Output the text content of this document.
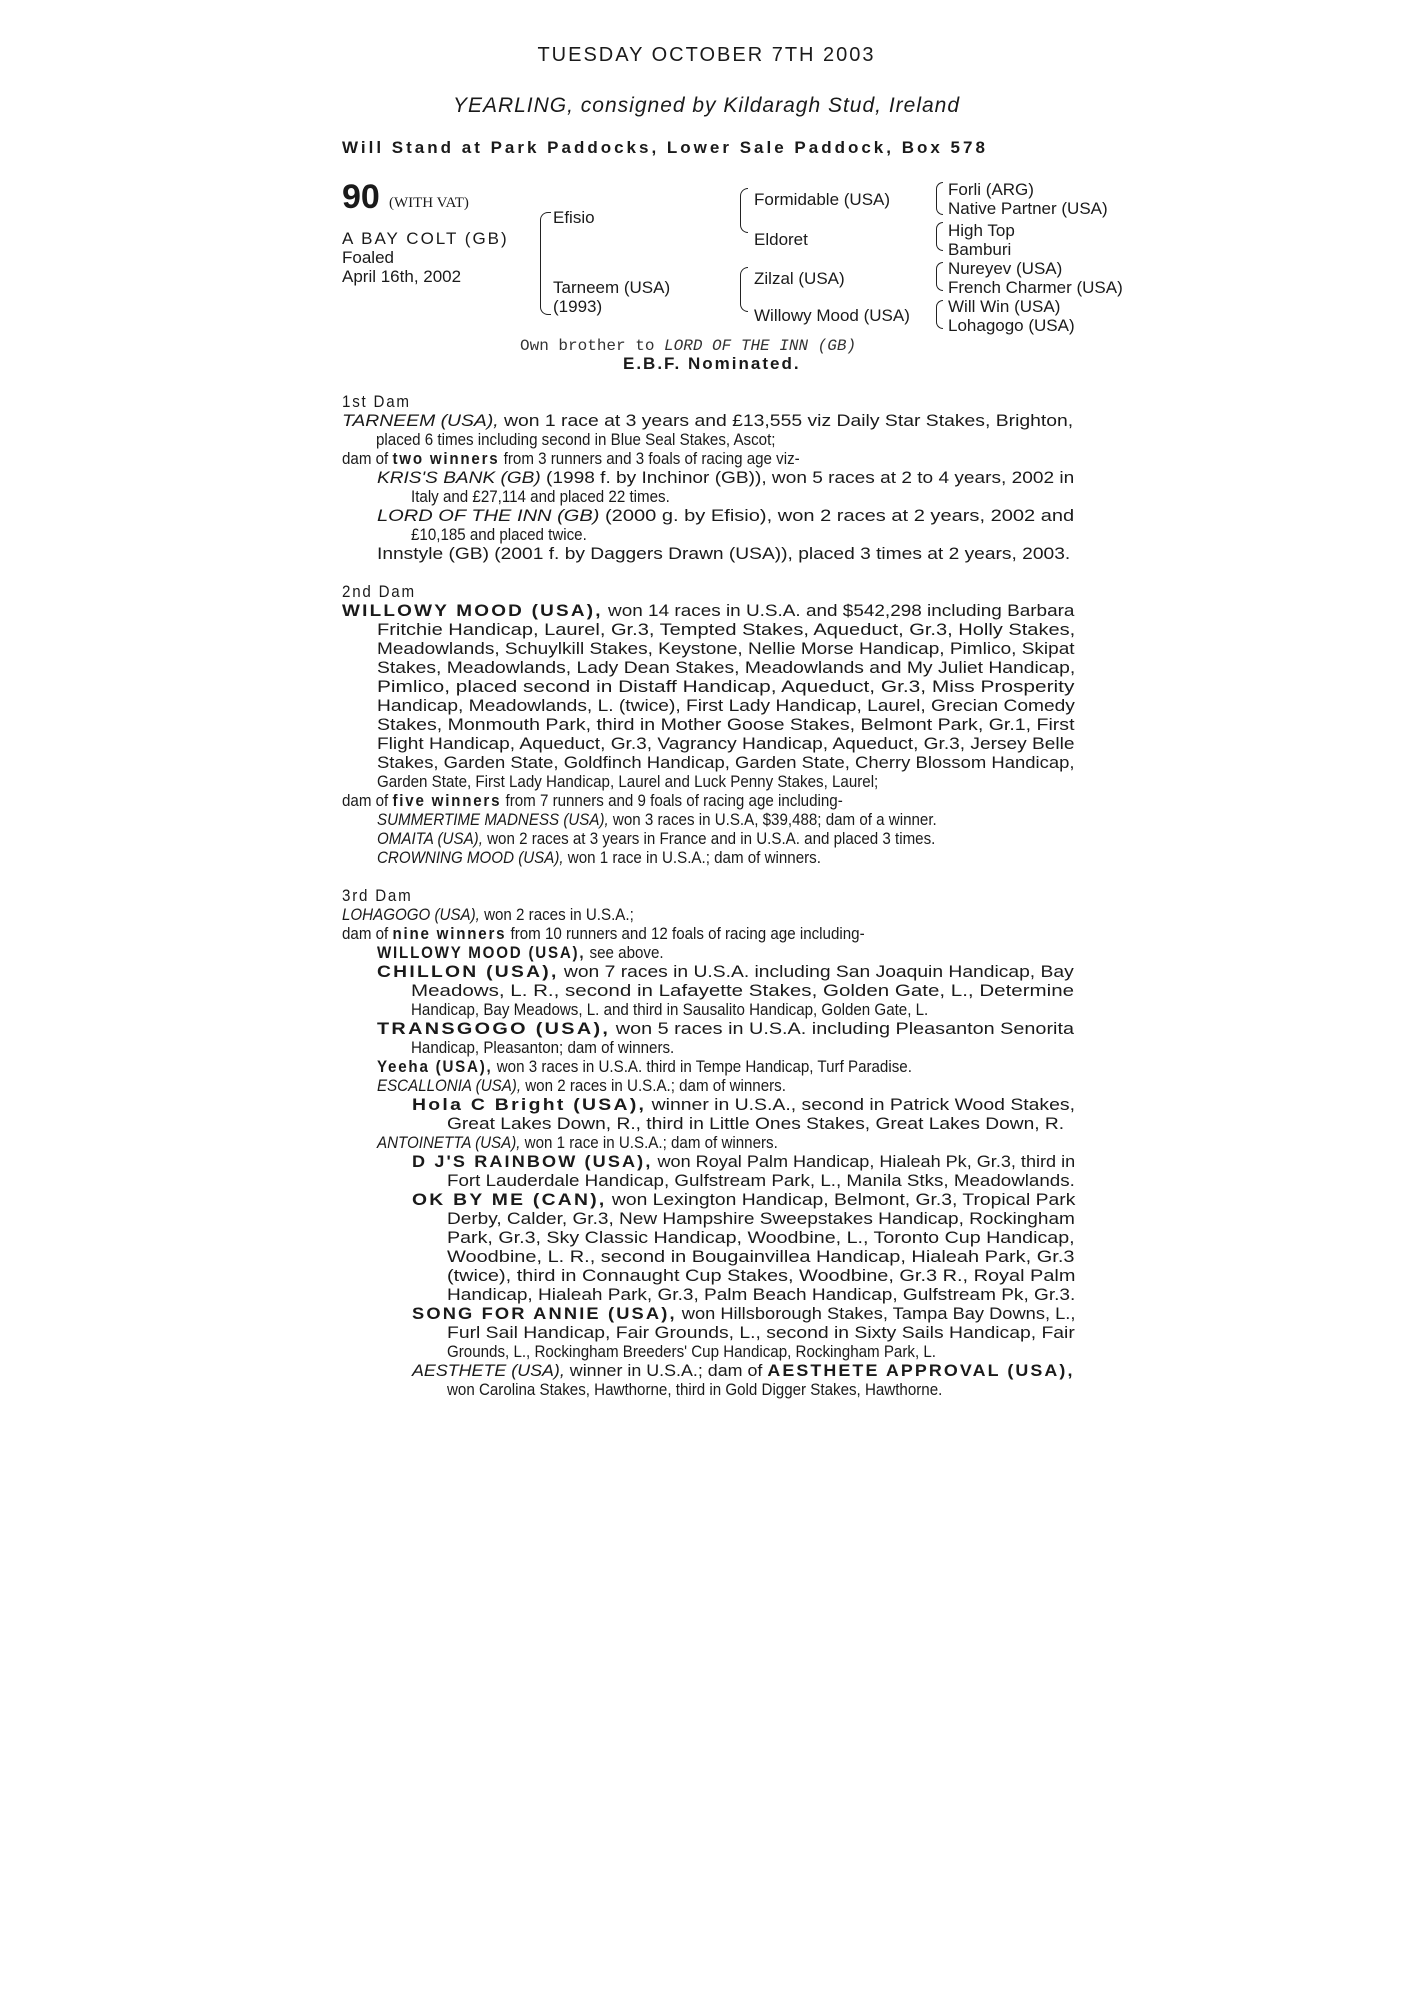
TUESDAY OCTOBER 7TH 2003
YEARLING, consigned by Kildaragh Stud, Ireland
Will Stand at Park Paddocks, Lower Sale Paddock, Box 578
90 (WITH VAT)
A BAY COLT (GB)
Foaled
April 16th, 2002
Efisio
Tarneem (USA)
(1993)
Formidable (USA)
Eldoret
Zilzal (USA)
Willowy Mood (USA)
Forli (ARG)
Native Partner (USA)
High Top
Bamburi
Nureyev (USA)
French Charmer (USA)
Will Win (USA)
Lohagogo (USA)
Own brother to LORD OF THE INN (GB)
E.B.F. Nominated.
1st Dam
TARNEEM (USA), won 1 race at 3 years and £13,555 viz Daily Star Stakes, Brighton,
placed 6 times including second in Blue Seal Stakes, Ascot;
dam of two winners from 3 runners and 3 foals of racing age viz-
KRIS'S BANK (GB) (1998 f. by Inchinor (GB)), won 5 races at 2 to 4 years, 2002 in
Italy and £27,114 and placed 22 times.
LORD OF THE INN (GB) (2000 g. by Efisio), won 2 races at 2 years, 2002 and
£10,185 and placed twice.
Innstyle (GB) (2001 f. by Daggers Drawn (USA)), placed 3 times at 2 years, 2003.
2nd Dam
WILLOWY MOOD (USA), won 14 races in U.S.A. and $542,298 including Barbara
Fritchie Handicap, Laurel, Gr.3, Tempted Stakes, Aqueduct, Gr.3, Holly Stakes,
Meadowlands, Schuylkill Stakes, Keystone, Nellie Morse Handicap, Pimlico, Skipat
Stakes, Meadowlands, Lady Dean Stakes, Meadowlands and My Juliet Handicap,
Pimlico, placed second in Distaff Handicap, Aqueduct, Gr.3, Miss Prosperity
Handicap, Meadowlands, L. (twice), First Lady Handicap, Laurel, Grecian Comedy
Stakes, Monmouth Park, third in Mother Goose Stakes, Belmont Park, Gr.1, First
Flight Handicap, Aqueduct, Gr.3, Vagrancy Handicap, Aqueduct, Gr.3, Jersey Belle
Stakes, Garden State, Goldfinch Handicap, Garden State, Cherry Blossom Handicap,
Garden State, First Lady Handicap, Laurel and Luck Penny Stakes, Laurel;
dam of five winners from 7 runners and 9 foals of racing age including-
SUMMERTIME MADNESS (USA), won 3 races in U.S.A, $39,488; dam of a winner.
OMAITA (USA), won 2 races at 3 years in France and in U.S.A. and placed 3 times.
CROWNING MOOD (USA), won 1 race in U.S.A.; dam of winners.
3rd Dam
LOHAGOGO (USA), won 2 races in U.S.A.;
dam of nine winners from 10 runners and 12 foals of racing age including-
WILLOWY MOOD (USA), see above.
CHILLON (USA), won 7 races in U.S.A. including San Joaquin Handicap, Bay
Meadows, L. R., second in Lafayette Stakes, Golden Gate, L., Determine
Handicap, Bay Meadows, L. and third in Sausalito Handicap, Golden Gate, L.
TRANSGOGO (USA), won 5 races in U.S.A. including Pleasanton Senorita
Handicap, Pleasanton; dam of winners.
Yeeha (USA), won 3 races in U.S.A. third in Tempe Handicap, Turf Paradise.
ESCALLONIA (USA), won 2 races in U.S.A.; dam of winners.
Hola C Bright (USA), winner in U.S.A., second in Patrick Wood Stakes,
Great Lakes Down, R., third in Little Ones Stakes, Great Lakes Down, R.
ANTOINETTA (USA), won 1 race in U.S.A.; dam of winners.
D J'S RAINBOW (USA), won Royal Palm Handicap, Hialeah Pk, Gr.3, third in
Fort Lauderdale Handicap, Gulfstream Park, L., Manila Stks, Meadowlands.
OK BY ME (CAN), won Lexington Handicap, Belmont, Gr.3, Tropical Park
Derby, Calder, Gr.3, New Hampshire Sweepstakes Handicap, Rockingham
Park, Gr.3, Sky Classic Handicap, Woodbine, L., Toronto Cup Handicap,
Woodbine, L. R., second in Bougainvillea Handicap, Hialeah Park, Gr.3
(twice), third in Connaught Cup Stakes, Woodbine, Gr.3 R., Royal Palm
Handicap, Hialeah Park, Gr.3, Palm Beach Handicap, Gulfstream Pk, Gr.3.
SONG FOR ANNIE (USA), won Hillsborough Stakes, Tampa Bay Downs, L.,
Furl Sail Handicap, Fair Grounds, L., second in Sixty Sails Handicap, Fair
Grounds, L., Rockingham Breeders' Cup Handicap, Rockingham Park, L.
AESTHETE (USA), winner in U.S.A.; dam of AESTHETE APPROVAL (USA),
won Carolina Stakes, Hawthorne, third in Gold Digger Stakes, Hawthorne.
